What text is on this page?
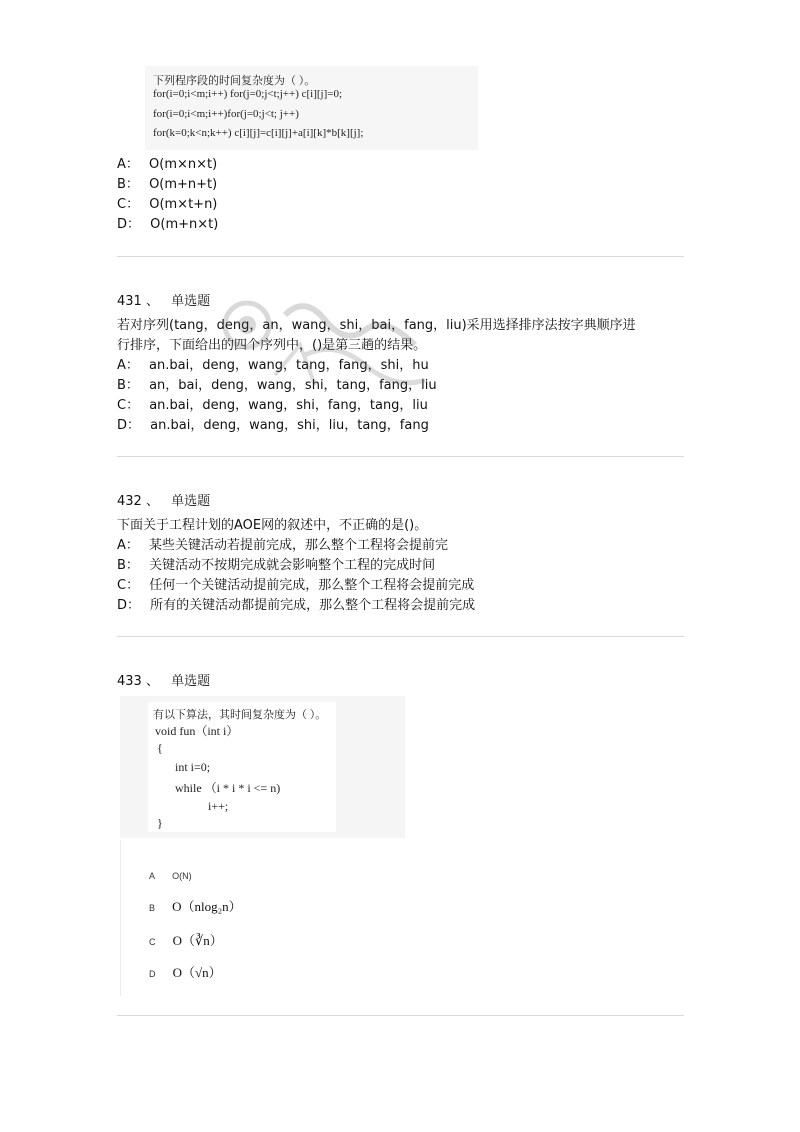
下列程序段的时间复杂度为（ ）。
for(i=0;i<m;i++) for(j=0;j<t;j++) c[i][j]=0;
for(i=0;i<m;i++)for(j=0;j<t; j++)
for(k=0;k<n;k++) c[i][j]=c[i][j]+a[i][k]*b[k][j];
A： O(m×n×t)
B： O(m+n+t)
C： O(m×t+n)
D： O(m+n×t)
431 、 单选题
若对序列(tang，deng，an，wang，shi，bai，fang，liu)采用选择排序法按字典顺序进
行排序，下面给出的四个序列中，()是第三趟的结果。
A： an.bai，deng，wang，tang，fang，shi，hu
B： an，bai，deng，wang，shi，tang，fang，liu
C： an.bai，deng，wang，shi，fang，tang，liu
D： an.bai，deng，wang，shi，liu，tang，fang
432 、 单选题
下面关于工程计划的AOE网的叙述中，不正确的是()。
A： 某些关键活动若提前完成，那么整个工程将会提前完
B： 关键活动不按期完成就会影响整个工程的完成时间
C： 任何一个关键活动提前完成，那么整个工程将会提前完成
D： 所有的关键活动都提前完成，那么整个工程将会提前完成
433 、 单选题
有以下算法，其时间复杂度为（ ）。
void fun（int i）
{
int i=0;
while （i * i * i <= n)
i++;
}
A O(N)
B O（nlog₂n）
C O（∛n）
D O（√n）
